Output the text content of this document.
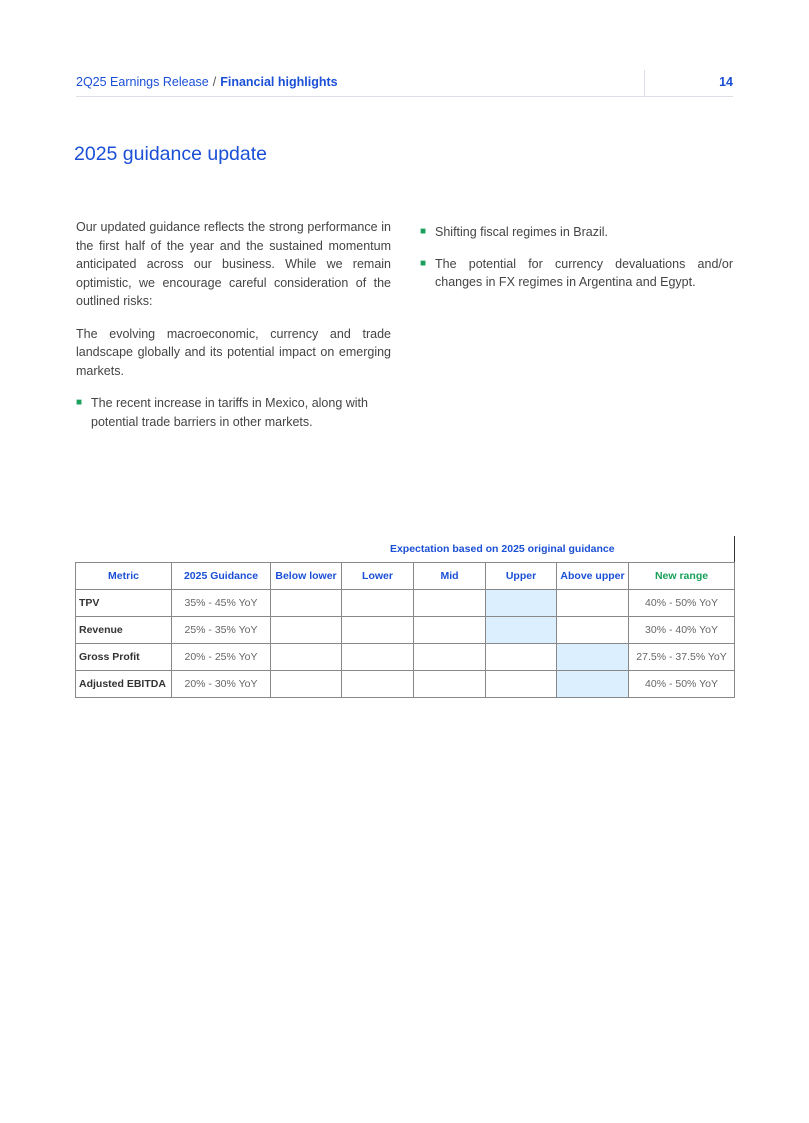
2Q25 Earnings Release / Financial highlights	14
2025 guidance update

Our updated guidance reflects the strong performance in the first half of the year and the sustained momentum anticipated across our business. While we remain optimistic, we encourage careful consideration of the outlined risks:

The evolving macroeconomic, currency and trade landscape globally and its potential impact on emerging markets.

■ The recent increase in tariffs in Mexico, along with potential trade barriers in other markets.
■ Shifting fiscal regimes in Brazil.
■ The potential for currency devaluations and/or changes in FX regimes in Argentina and Egypt.
		Expectation based on 2025 original guidance					
Metric	2025 Guidance	Below lower	Lower	Mid	Upper	Above upper	New range
TPV	35% - 45% YoY						40% - 50% YoY
Revenue	25% - 35% YoY						30% - 40% YoY
Gross Profit	20% - 25% YoY						27.5% - 37.5% YoY
Adjusted EBITDA	20% - 30% YoY						40% - 50% YoY
